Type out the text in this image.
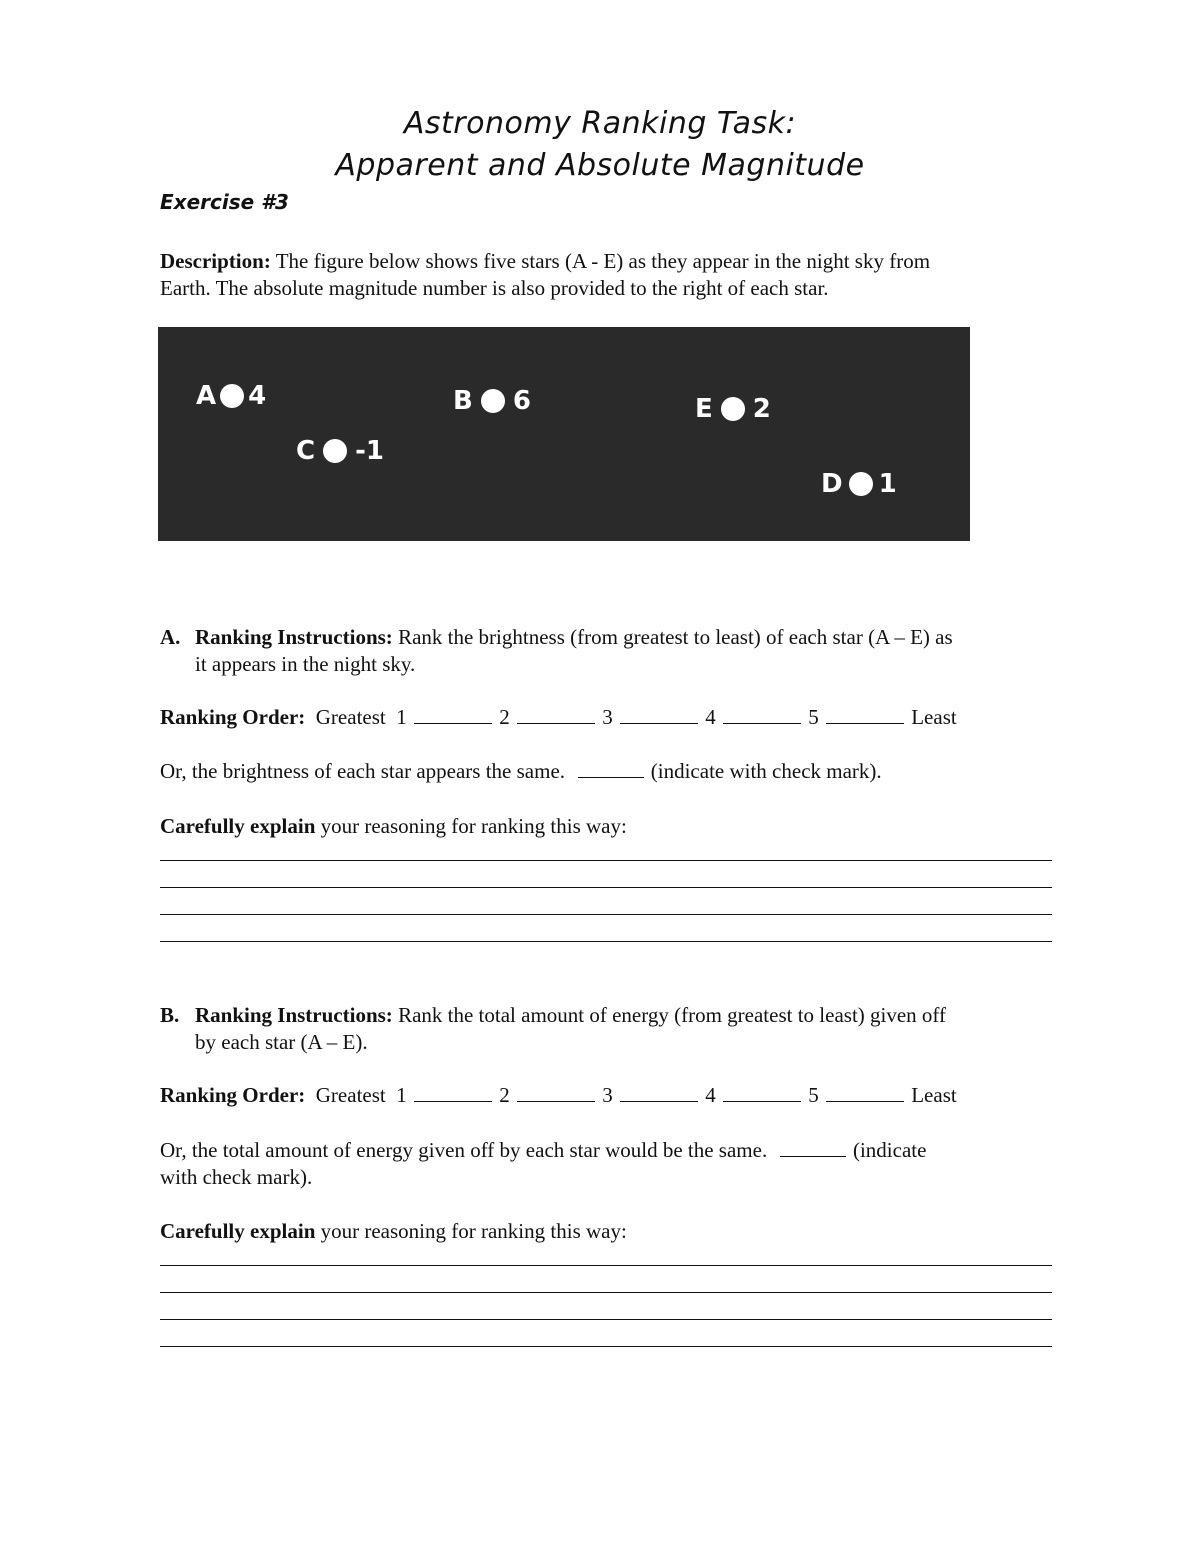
Astronomy Ranking Task:
Apparent and Absolute Magnitude
Exercise #3
Description: The figure below shows five stars (A - E) as they appear in the night sky from
Earth. The absolute magnitude number is also provided to the right of each star.
A 4	B 6
C -1
D 1
E 2
A. Ranking Instructions: Rank the brightness (from greatest to least) of each star (A – E) as
it appears in the night sky.
Ranking Order: Greatest 1	2	3	4	5	Least
Or, the brightness of each star appears the same.	(indicate with check mark).
Carefully explain your reasoning for ranking this way:
B. Ranking Instructions: Rank the total amount of energy (from greatest to least) given off
by each star (A – E).
Ranking Order: Greatest 1	2	3	4	5	Least
Or, the total amount of energy given off by each star would be the same.	(indicate
with check mark).
Carefully explain your reasoning for ranking this way:
